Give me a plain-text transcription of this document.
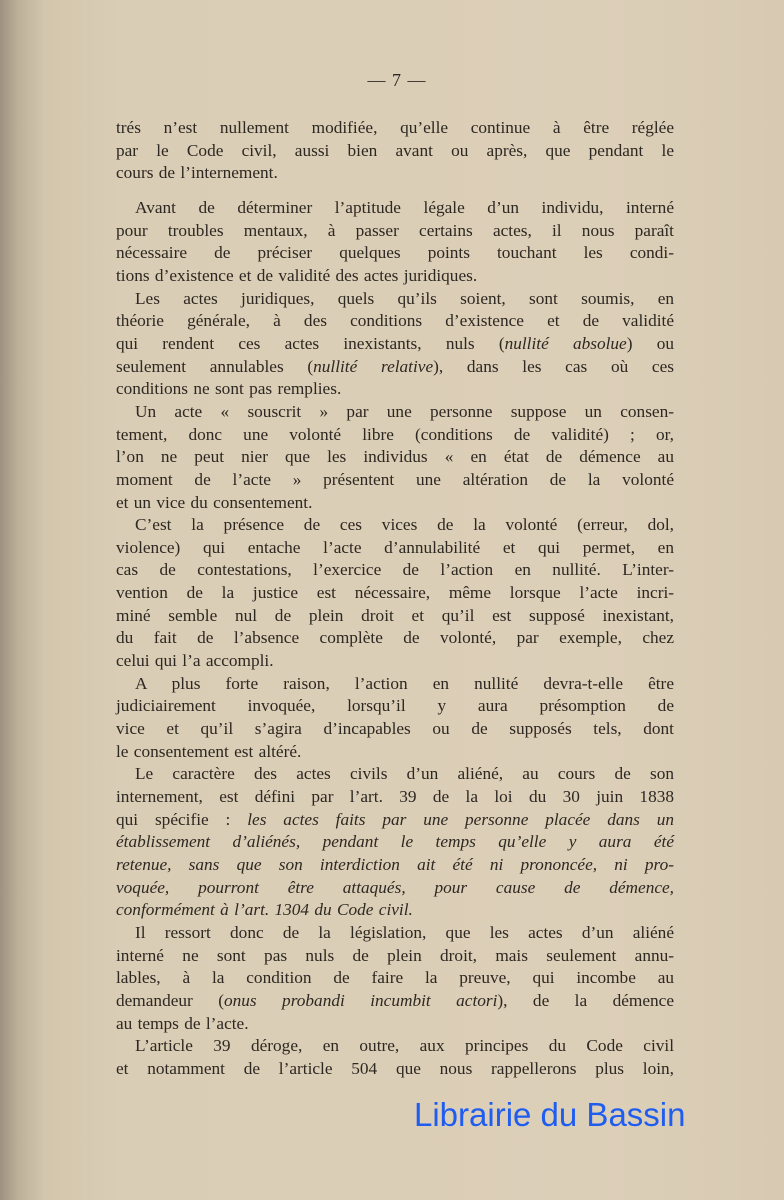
— 7 —
trés n’est nullement modifiée, qu’elle continue à être réglée
par le Code civil, aussi bien avant ou après, que pendant le
cours de l’internement.
Avant de déterminer l’aptitude légale d’un individu, interné
pour troubles mentaux, à passer certains actes, il nous paraît
nécessaire de préciser quelques points touchant les condi-
tions d’existence et de validité des actes juridiques.
Les actes juridiques, quels qu’ils soient, sont soumis, en
théorie générale, à des conditions d’existence et de validité
qui rendent ces actes inexistants, nuls (nullité absolue) ou
seulement annulables (nullité relative), dans les cas où ces
conditions ne sont pas remplies.
Un acte « souscrit » par une personne suppose un consen-
tement, donc une volonté libre (conditions de validité) ; or,
l’on ne peut nier que les individus « en état de démence au
moment de l’acte » présentent une altération de la volonté
et un vice du consentement.
C’est la présence de ces vices de la volonté (erreur, dol,
violence) qui entache l’acte d’annulabilité et qui permet, en
cas de contestations, l’exercice de l’action en nullité. L’inter-
vention de la justice est nécessaire, même lorsque l’acte incri-
miné semble nul de plein droit et qu’il est supposé inexistant,
du fait de l’absence complète de volonté, par exemple, chez
celui qui l’a accompli.
A plus forte raison, l’action en nullité devra-t-elle être
judiciairement invoquée, lorsqu’il y aura présomption de
vice et qu’il s’agira d’incapables ou de supposés tels, dont
le consentement est altéré.
Le caractère des actes civils d’un aliéné, au cours de son
internement, est défini par l’art. 39 de la loi du 30 juin 1838
qui spécifie : les actes faits par une personne placée dans un
établissement d’aliénés, pendant le temps qu’elle y aura été
retenue, sans que son interdiction ait été ni prononcée, ni pro-
voquée, pourront être attaqués, pour cause de démence,
conformément à l’art. 1304 du Code civil.
Il ressort donc de la législation, que les actes d’un aliéné
interné ne sont pas nuls de plein droit, mais seulement annu-
lables, à la condition de faire la preuve, qui incombe au
demandeur (onus probandi incumbit actori), de la démence
au temps de l’acte.
L’article 39 déroge, en outre, aux principes du Code civil
et notamment de l’article 504 que nous rappellerons plus loin,
Librairie du Bassin
